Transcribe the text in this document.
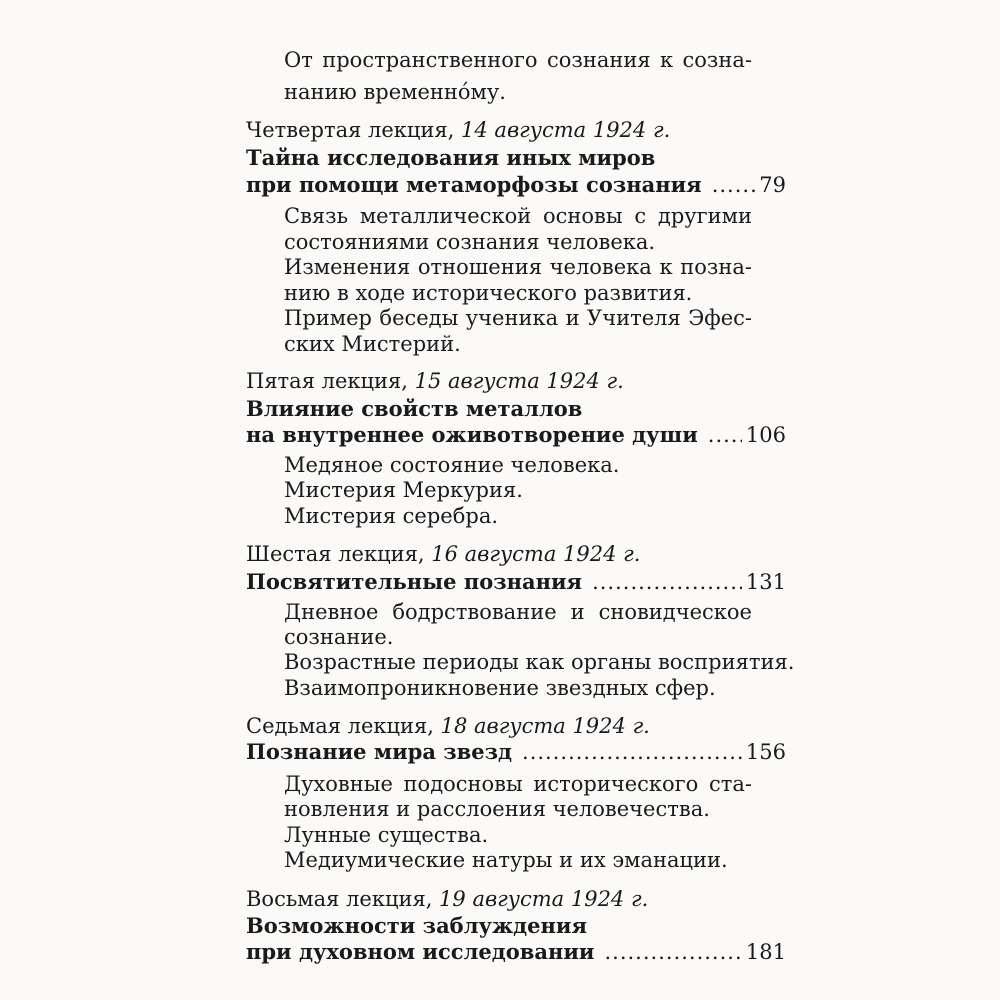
От пространственного сознания к созна-
нанию временнóму.
Четвертая лекция, 14 августа 1924 г.
Тайна исследования иных миров
при помощи метаморфозы сознания .....	79
Связь металлической основы с другими
состояниями сознания человека.
Изменения отношения человека к позна-
нию в ходе исторического развития.
Пример беседы ученика и Учителя Эфес-
ских Мистерий.
Пятая лекция, 15 августа 1924 г.
Влияние свойств металлов
на внутреннее оживотворение души ..... 106
Медяное состояние человека.
Мистерия Меркурия.
Мистерия серебра.
Шестая лекция, 16 августа 1924 г.
Посвятительные познания .....	131
Дневное бодрствование и сновидческое
сознание.
Возрастные периоды как органы восприятия.
Взаимопроникновение звездных сфер.
Седьмая лекция, 18 августа 1924 г.
Познание мира звезд .....	156
Духовные подосновы исторического ста-
новления и расслоения человечества.
Лунные существа.
Медиумические натуры и их эманации.
Восьмая лекция, 19 августа 1924 г.
Возможности заблуждения
при духовном исследовании .....	181
